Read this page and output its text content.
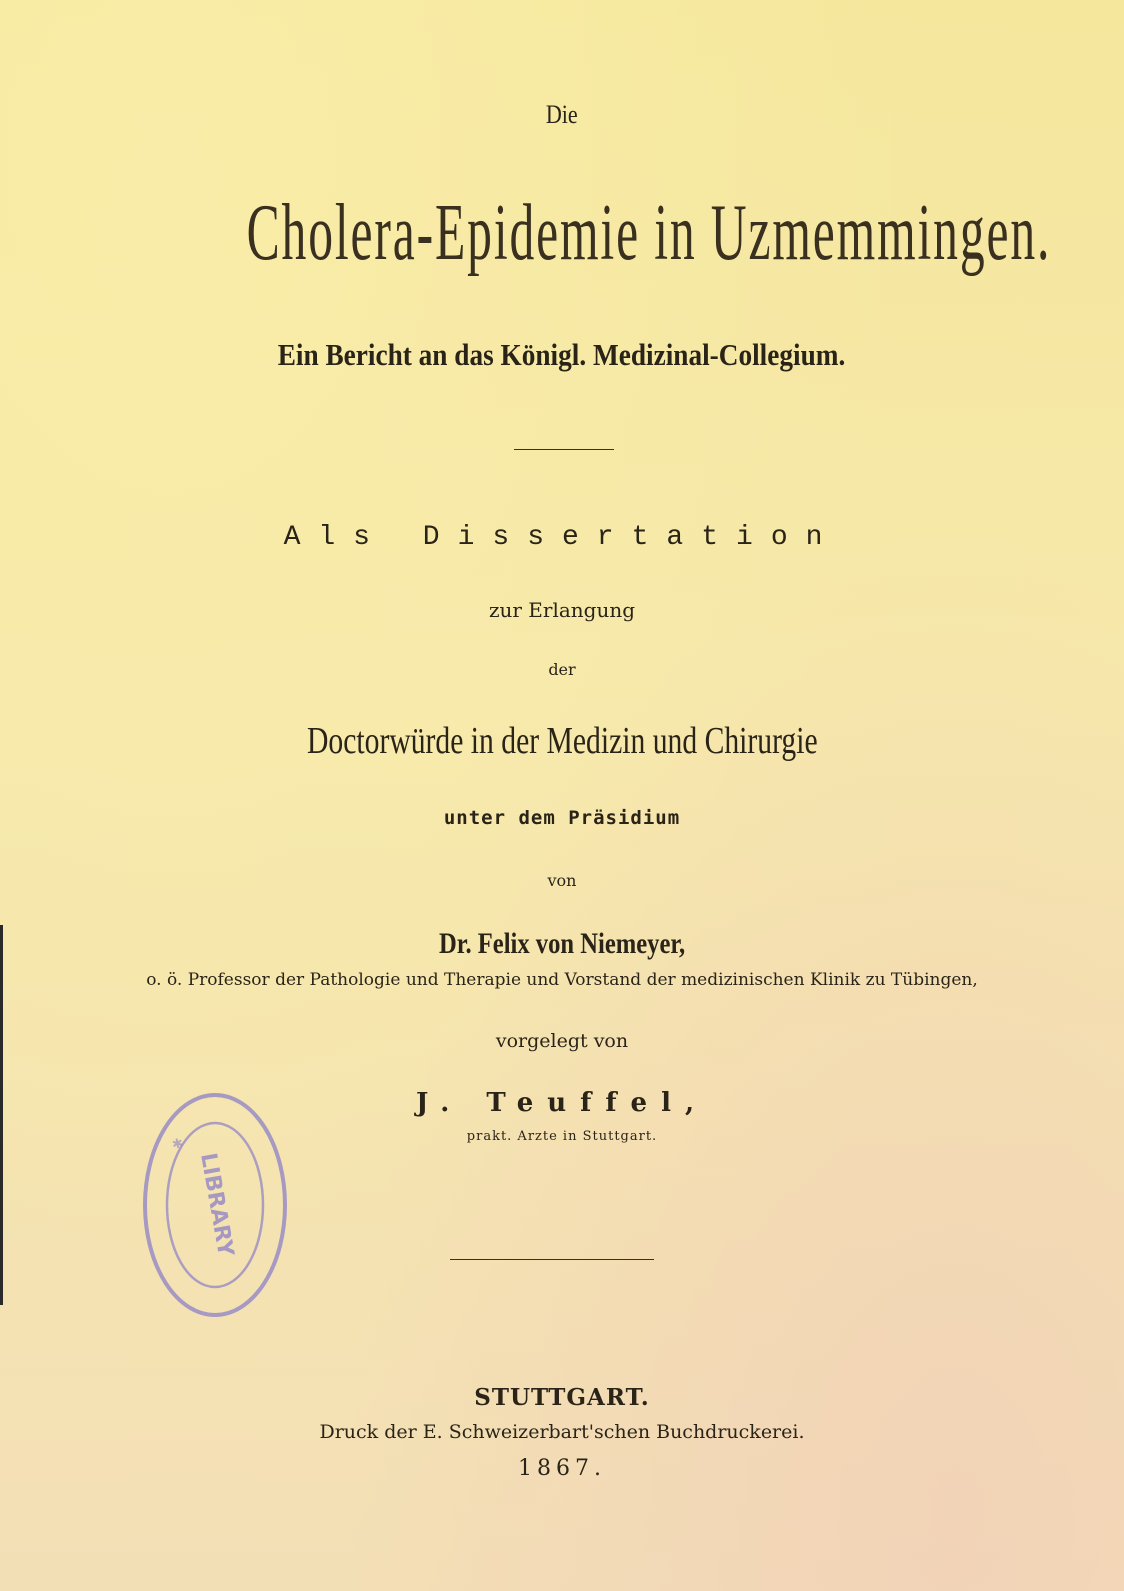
Die
Cholera-Epidemie in Uzmemmingen.
Ein Bericht an das Königl. Medizinal-Collegium.
Als Dissertation
zur Erlangung
der
Doctorwürde in der Medizin und Chirurgie
unter dem Präsidium
von
Dr. Felix von Niemeyer,
o. ö. Professor der Pathologie und Therapie und Vorstand der medizinischen Klinik zu Tübingen,
vorgelegt von
J. Teuffel,
prakt. Arzte in Stuttgart.
STUTTGART.
Druck der E. Schweizerbart'schen Buchdruckerei.
1867.
LIBRARY
✱
